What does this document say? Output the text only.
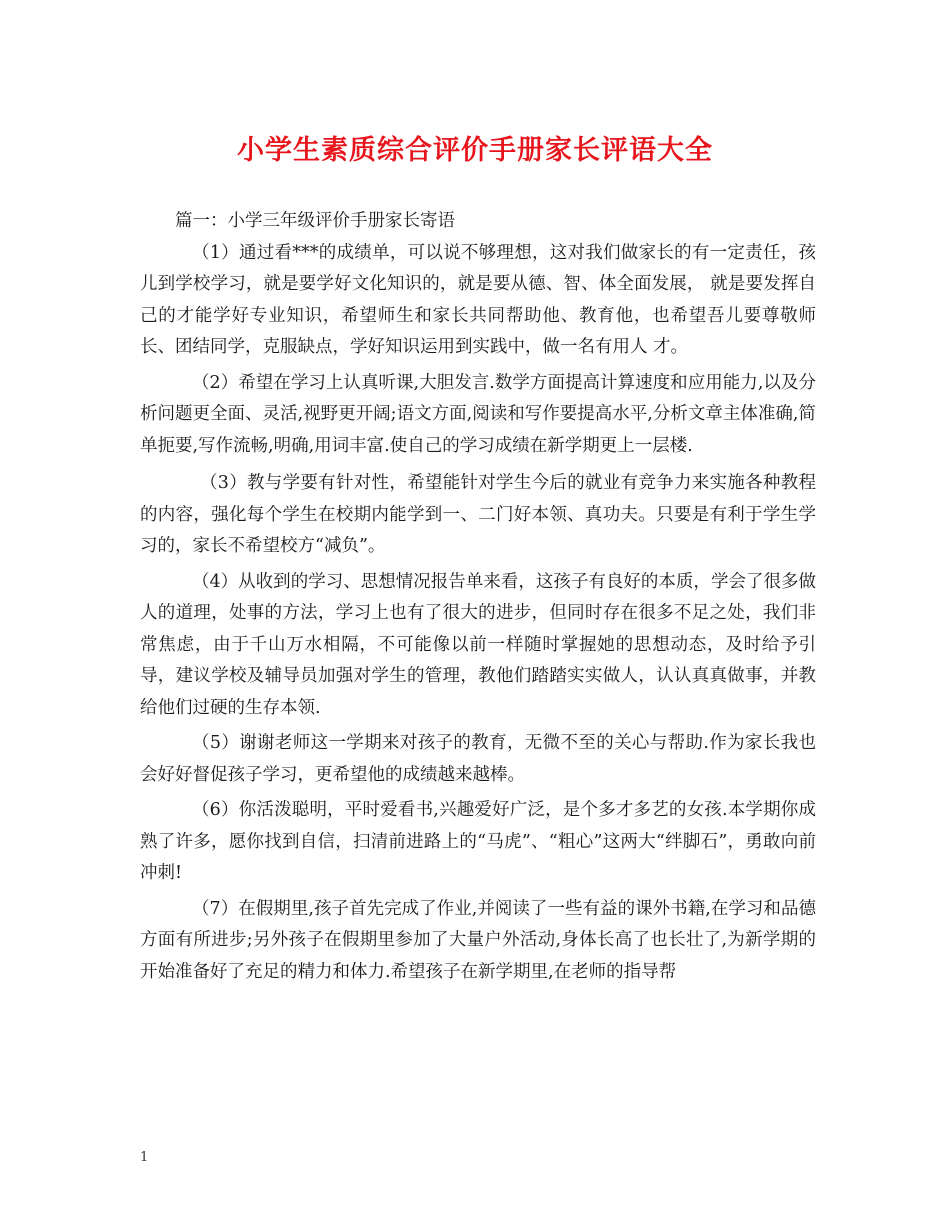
小学生素质综合评价手册家长评语大全

篇一：小学三年级评价手册家长寄语

（1）通过看***的成绩单，可以说不够理想，这对我们做家长的有一定责任，孩儿到学校学习，就是要学好文化知识的，就是要从德、智、体全面发展， 就是要发挥自己的才能学好专业知识，希望师生和家长共同帮助他、教育他，也希望吾儿要尊敬师长、团结同学，克服缺点，学好知识运用到实践中，做一名有用人 才。

（2）希望在学习上认真听课,大胆发言.数学方面提高计算速度和应用能力,以及分析问题更全面、灵活,视野更开阔;语文方面,阅读和写作要提高水平,分析文章主体准确,简单扼要,写作流畅,明确,用词丰富.使自己的学习成绩在新学期更上一层楼.

（3）教与学要有针对性，希望能针对学生今后的就业有竞争力来实施各种教程的内容，强化每个学生在校期内能学到一、二门好本领、真功夫。只要是有利于学生学习的，家长不希望校方“减负”。

（4）从收到的学习、思想情况报告单来看，这孩子有良好的本质，学会了很多做人的道理，处事的方法，学习上也有了很大的进步，但同时存在很多不足之处，我们非常焦虑，由于千山万水相隔，不可能像以前一样随时掌握她的思想动态，及时给予引导，建议学校及辅导员加强对学生的管理，教他们踏踏实实做人，认认真真做事，并教给他们过硬的生存本领.

（5）谢谢老师这一学期来对孩子的教育，无微不至的关心与帮助.作为家长我也会好好督促孩子学习，更希望他的成绩越来越棒。

（6）你活泼聪明，平时爱看书,兴趣爱好广泛，是个多才多艺的女孩.本学期你成熟了许多，愿你找到自信，扫清前进路上的“马虎”、“粗心”这两大“绊脚石”，勇敢向前冲刺!

（7）在假期里,孩子首先完成了作业,并阅读了一些有益的课外书籍,在学习和品德方面有所进步;另外孩子在假期里参加了大量户外活动,身体长高了也长壮了,为新学期的开始准备好了充足的精力和体力.希望孩子在新学期里,在老师的指导帮

1
